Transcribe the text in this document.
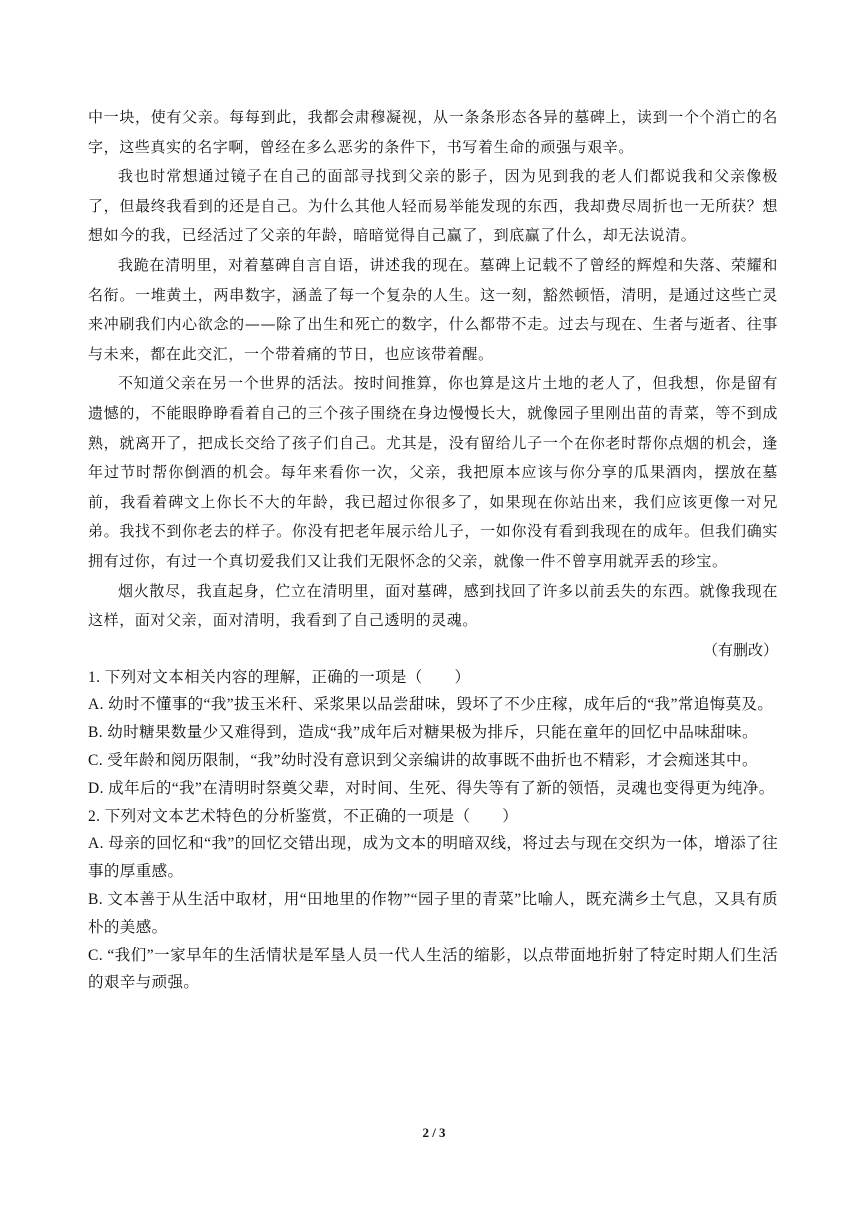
中一块，使有父亲。每每到此，我都会肃穆凝视，从一条条形态各异的墓碑上，读到一个个消亡的名字，这些真实的名字啊，曾经在多么恶劣的条件下，书写着生命的顽强与艰辛。

我也时常想通过镜子在自己的面部寻找到父亲的影子，因为见到我的老人们都说我和父亲像极了，但最终我看到的还是自己。为什么其他人轻而易举能发现的东西，我却费尽周折也一无所获？想想如今的我，已经活过了父亲的年龄，暗暗觉得自己赢了，到底赢了什么，却无法说清。

我跪在清明里，对着墓碑自言自语，讲述我的现在。墓碑上记载不了曾经的辉煌和失落、荣耀和名衔。一堆黄土，两串数字，涵盖了每一个复杂的人生。这一刻，豁然顿悟，清明，是通过这些亡灵来冲刷我们内心欲念的——除了出生和死亡的数字，什么都带不走。过去与现在、生者与逝者、往事与未来，都在此交汇，一个带着痛的节日，也应该带着醒。

不知道父亲在另一个世界的活法。按时间推算，你也算是这片土地的老人了，但我想，你是留有遗憾的，不能眼睁睁看着自己的三个孩子围绕在身边慢慢长大，就像园子里刚出苗的青菜，等不到成熟，就离开了，把成长交给了孩子们自己。尤其是，没有留给儿子一个在你老时帮你点烟的机会，逢年过节时帮你倒酒的机会。每年来看你一次，父亲，我把原本应该与你分享的瓜果酒肉，摆放在墓前，我看着碑文上你长不大的年龄，我已超过你很多了，如果现在你站出来，我们应该更像一对兄弟。我找不到你老去的样子。你没有把老年展示给儿子，一如你没有看到我现在的成年。但我们确实拥有过你，有过一个真切爱我们又让我们无限怀念的父亲，就像一件不曾享用就弄丢的珍宝。

烟火散尽，我直起身，伫立在清明里，面对墓碑，感到找回了许多以前丢失的东西。就像我现在这样，面对父亲，面对清明，我看到了自己透明的灵魂。

（有删改）

1. 下列对文本相关内容的理解，正确的一项是（　　）

A. 幼时不懂事的“我”拔玉米秆、采浆果以品尝甜味，毁坏了不少庄稼，成年后的“我”常追悔莫及。

B. 幼时糖果数量少又难得到，造成“我”成年后对糖果极为排斥，只能在童年的回忆中品味甜味。

C. 受年龄和阅历限制，“我”幼时没有意识到父亲编讲的故事既不曲折也不精彩，才会痴迷其中。

D. 成年后的“我”在清明时祭奠父辈，对时间、生死、得失等有了新的领悟，灵魂也变得更为纯净。

2. 下列对文本艺术特色的分析鉴赏，不正确的一项是（　　）

A. 母亲的回忆和“我”的回忆交错出现，成为文本的明暗双线，将过去与现在交织为一体，增添了往事的厚重感。

B. 文本善于从生活中取材，用“田地里的作物”“园子里的青菜”比喻人，既充满乡土气息，又具有质朴的美感。

C. “我们”一家早年的生活情状是军垦人员一代人生活的缩影，以点带面地折射了特定时期人们生活的艰辛与顽强。

2 / 3
